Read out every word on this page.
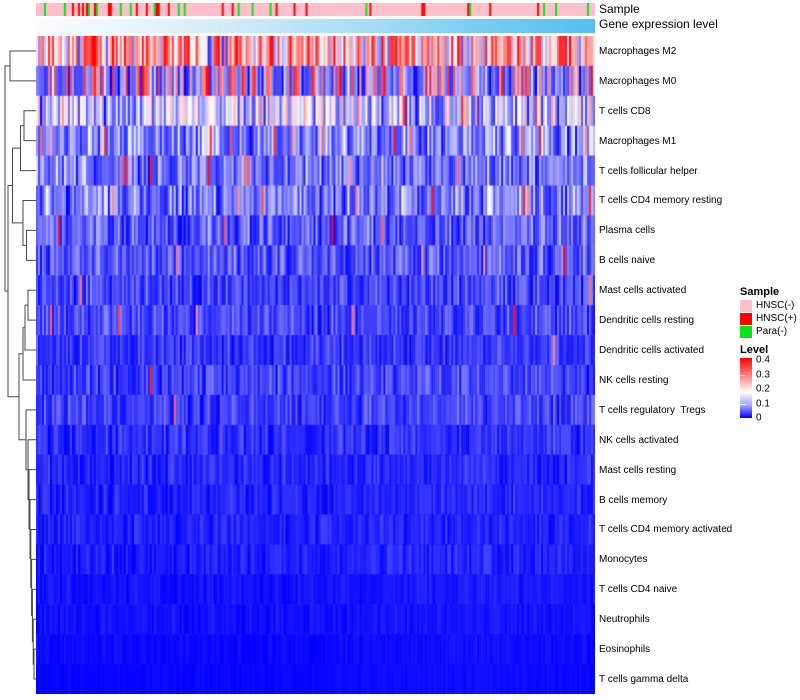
Sample
Gene expression level
Macrophages M2
Macrophages M0
T cells CD8
Macrophages M1
T cells follicular helper
T cells CD4 memory resting
Plasma cells
B cells naive
Mast cells activated
Dendritic cells resting
Dendritic cells activated
NK cells resting
T cells regulatory  Tregs
NK cells activated
Mast cells resting
B cells memory
T cells CD4 memory activated
Monocytes
T cells CD4 naive
Neutrophils
Eosinophils
T cells gamma delta
Sample
HNSC(-)
HNSC(+)
Para(-)
Level
0.4
0.3
0.2
0.1
0
